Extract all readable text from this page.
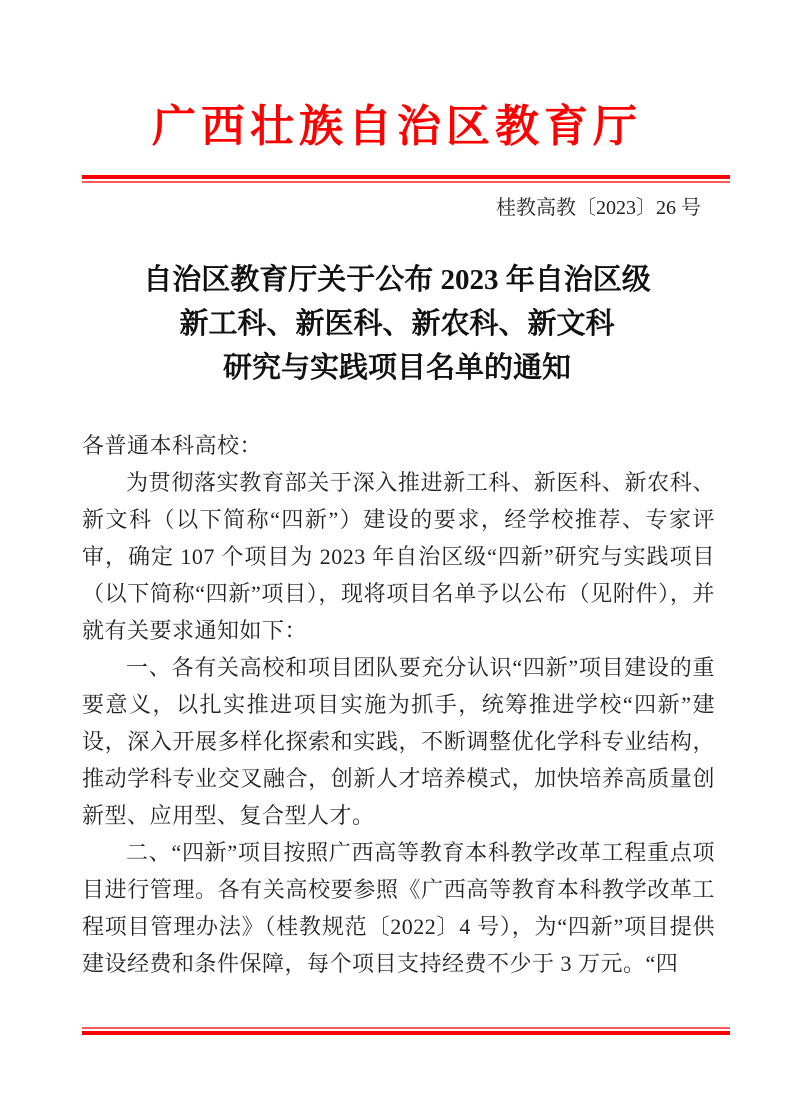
广西壮族自治区教育厅
桂教高教〔2023〕26 号
自治区教育厅关于公布 2023 年自治区级
新工科、新医科、新农科、新文科
研究与实践项目名单的通知

各普通本科高校：

为贯彻落实教育部关于深入推进新工科、新医科、新农科、新文科（以下简称“四新”）建设的要求，经学校推荐、专家评审，确定 107 个项目为 2023 年自治区级“四新”研究与实践项目（以下简称“四新”项目），现将项目名单予以公布（见附件），并就有关要求通知如下：

一、各有关高校和项目团队要充分认识“四新”项目建设的重要意义，以扎实推进项目实施为抓手，统筹推进学校“四新”建设，深入开展多样化探索和实践，不断调整优化学科专业结构，推动学科专业交叉融合，创新人才培养模式，加快培养高质量创新型、应用型、复合型人才。

二、“四新”项目按照广西高等教育本科教学改革工程重点项目进行管理。各有关高校要参照《广西高等教育本科教学改革工程项目管理办法》（桂教规范〔2022〕4 号），为“四新”项目提供建设经费和条件保障，每个项目支持经费不少于 3 万元。“四
